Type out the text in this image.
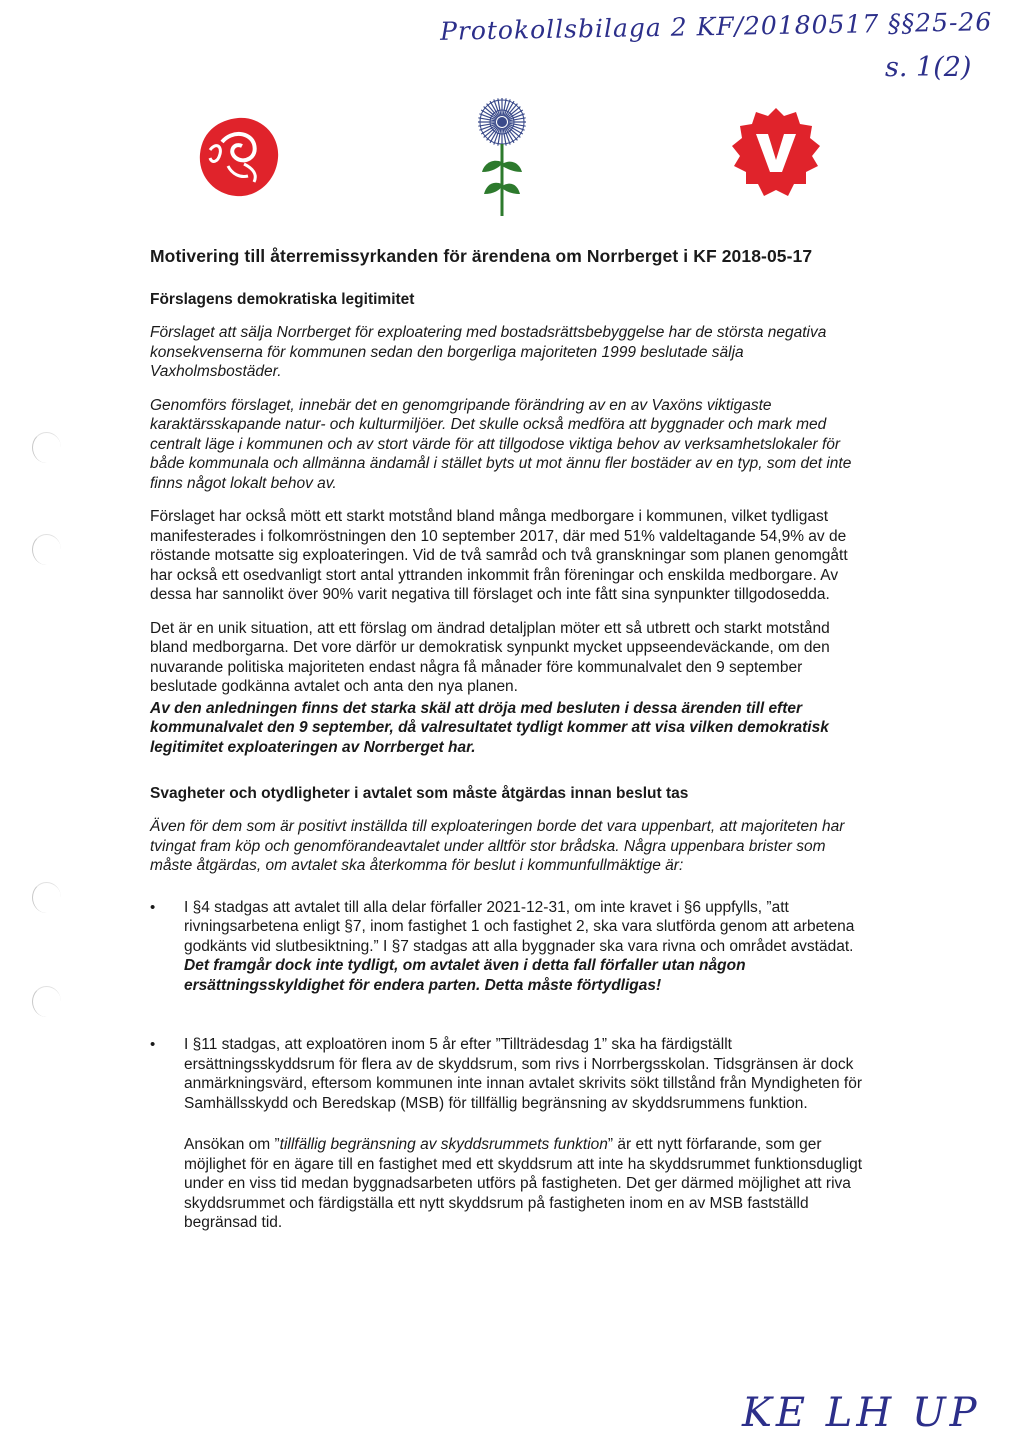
Protokollsbilaga 2 KF/20180517 §§25-26
s. 1(2)
Motivering till återremissyrkanden för ärendena om Norrberget i KF 2018-05-17
Förslagens demokratiska legitimitet

Förslaget att sälja Norrberget för exploatering med bostadsrättsbebyggelse har de största negativa konsekvenserna för kommunen sedan den borgerliga majoriteten 1999 beslutade sälja Vaxholmsbostäder.

Genomförs förslaget, innebär det en genomgripande förändring av en av Vaxöns viktigaste karaktärsskapande natur- och kulturmiljöer. Det skulle också medföra att byggnader och mark med centralt läge i kommunen och av stort värde för att tillgodose viktiga behov av verksamhetslokaler för både kommunala och allmänna ändamål i stället byts ut mot ännu fler bostäder av en typ, som det inte finns något lokalt behov av.

Förslaget har också mött ett starkt motstånd bland många medborgare i kommunen, vilket tydligast manifesterades i folkomröstningen den 10 september 2017, där med 51% valdeltagande 54,9% av de röstande motsatte sig exploateringen. Vid de två samråd och två granskningar som planen genomgått har också ett osedvanligt stort antal yttranden inkommit från föreningar och enskilda medborgare. Av dessa har sannolikt över 90% varit negativa till förslaget och inte fått sina synpunkter tillgodosedda.

Det är en unik situation, att ett förslag om ändrad detaljplan möter ett så utbrett och starkt motstånd bland medborgarna. Det vore därför ur demokratisk synpunkt mycket uppseendeväckande, om den nuvarande politiska majoriteten endast några få månader före kommunalvalet den 9 september beslutade godkänna avtalet och anta den nya planen.

Av den anledningen finns det starka skäl att dröja med besluten i dessa ärenden till efter kommunalvalet den 9 september, då valresultatet tydligt kommer att visa vilken demokratisk legitimitet exploateringen av Norrberget har.

Svagheter och otydligheter i avtalet som måste åtgärdas innan beslut tas

Även för dem som är positivt inställda till exploateringen borde det vara uppenbart, att majoriteten har tvingat fram köp och genomförandeavtalet under alltför stor brådska. Några uppenbara brister som måste åtgärdas, om avtalet ska återkomma för beslut i kommunfullmäktige är:

• I §4 stadgas att avtalet till alla delar förfaller 2021-12-31, om inte kravet i §6 uppfylls, ”att rivningsarbetena enligt §7, inom fastighet 1 och fastighet 2, ska vara slutförda genom att arbetena godkänts vid slutbesiktning.” I §7 stadgas att alla byggnader ska vara rivna och området avstädat. Det framgår dock inte tydligt, om avtalet även i detta fall förfaller utan någon ersättningsskyldighet för endera parten. Detta måste förtydligas!
• I §11 stadgas, att exploatören inom 5 år efter ”Tillträdesdag 1” ska ha färdigställt ersättningsskyddsrum för flera av de skyddsrum, som rivs i Norrbergsskolan. Tidsgränsen är dock anmärkningsvärd, eftersom kommunen inte innan avtalet skrivits sökt tillstånd från Myndigheten för Samhällsskydd och Beredskap (MSB) för tillfällig begränsning av skyddsrummens funktion.
Ansökan om ”tillfällig begränsning av skyddsrummets funktion” är ett nytt förfarande, som ger möjlighet för en ägare till en fastighet med ett skyddsrum att inte ha skyddsrummet funktionsdugligt under en viss tid medan byggnadsarbeten utförs på fastigheten. Det ger därmed möjlighet att riva skyddsrummet och färdigställa ett nytt skyddsrum på fastigheten inom en av MSB fastställd begränsad tid.
KE LH UP
